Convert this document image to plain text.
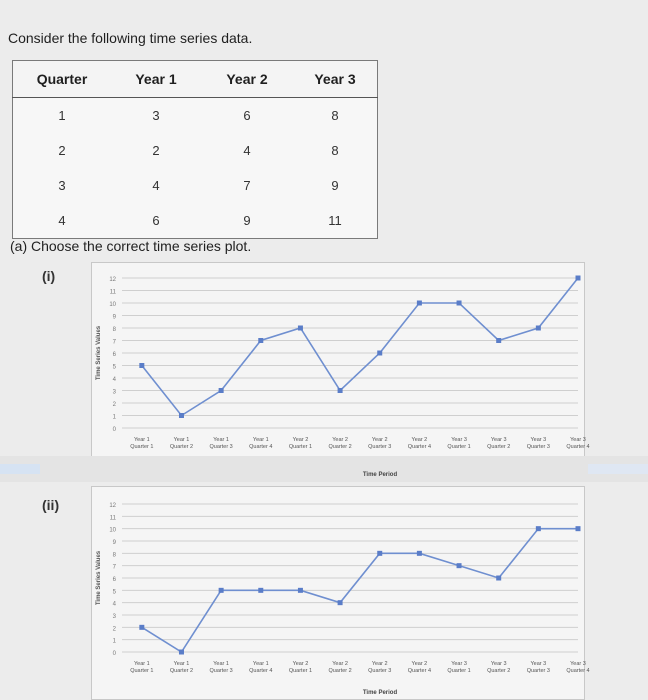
Consider the following time series data.
Quarter	Year 1	Year 2	Year 3
1	3	6	8
2	2	4	8
3	4	7	9
4	6	9	11
(a) Choose the correct time series plot.
(i)
(ii)
0
1
2
3
4
5
6
7
8
9
10
11
12
Time Series Values
Year 1
Quarter 1
Year 1
Quarter 2
Year 1
Quarter 3
Year 1
Quarter 4
Year 2
Quarter 1
Year 2
Quarter 2
Year 2
Quarter 3
Year 2
Quarter 4
Year 3
Quarter 1
Year 3
Quarter 2
Year 3
Quarter 3
Year 3
Quarter 4
Time Period
0
1
2
3
4
5
6
7
8
9
10
11
12
Time Series Values
Year 1
Quarter 1
Year 1
Quarter 2
Year 1
Quarter 3
Year 1
Quarter 4
Year 2
Quarter 1
Year 2
Quarter 2
Year 2
Quarter 3
Year 2
Quarter 4
Year 3
Quarter 1
Year 3
Quarter 2
Year 3
Quarter 3
Year 3
Quarter 4
Time Period
